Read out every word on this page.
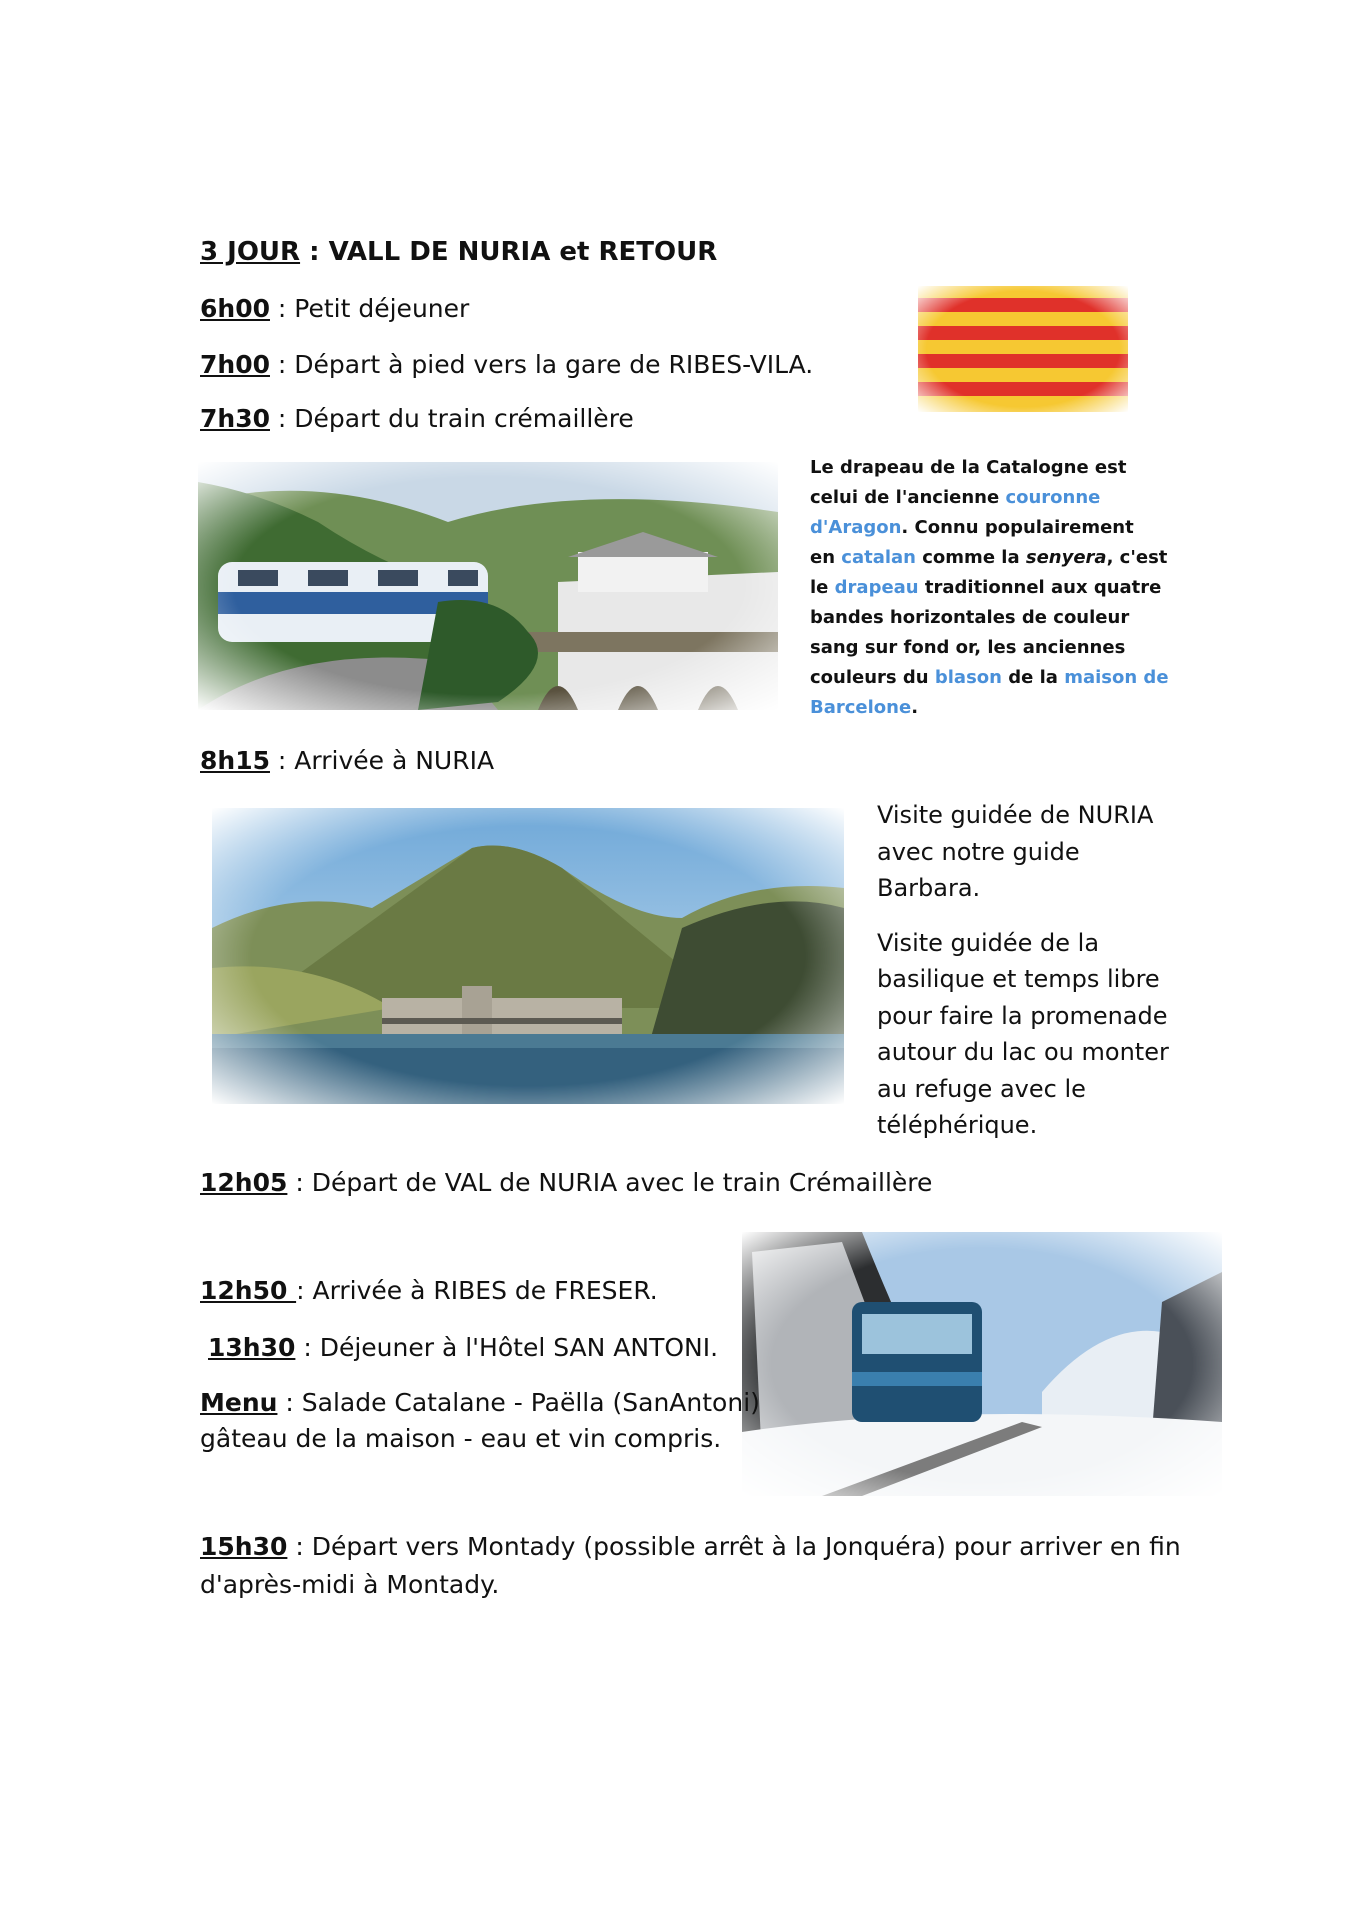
3 JOUR : VALL DE NURIA et RETOUR
6h00 : Petit déjeuner
7h00 : Départ à pied vers la gare de RIBES-VILA.
7h30 : Départ du train crémaillère
Le drapeau de la Catalogne est
celui de l'ancienne couronne
d'Aragon. Connu populairement
en catalan comme la senyera, c'est
le drapeau traditionnel aux quatre
bandes horizontales de couleur
sang sur fond or, les anciennes
couleurs du blason de la maison de
Barcelone.
8h15 : Arrivée à NURIA
Visite guidée de NURIA
avec notre guide
Barbara.
Visite guidée de la
basilique et temps libre
pour faire la promenade
autour du lac ou monter
au refuge avec le
téléphérique.
12h05 : Départ de VAL de NURIA avec le train Crémaillère
12h50 : Arrivée à RIBES de FRESER.
13h30 : Déjeuner à l'Hôtel SAN ANTONI.
Menu : Salade Catalane - Paëlla (SanAntoni)
gâteau de la maison - eau et vin compris.
15h30 : Départ vers Montady (possible arrêt à la Jonquéra) pour arriver en fin
d'après-midi à Montady.
